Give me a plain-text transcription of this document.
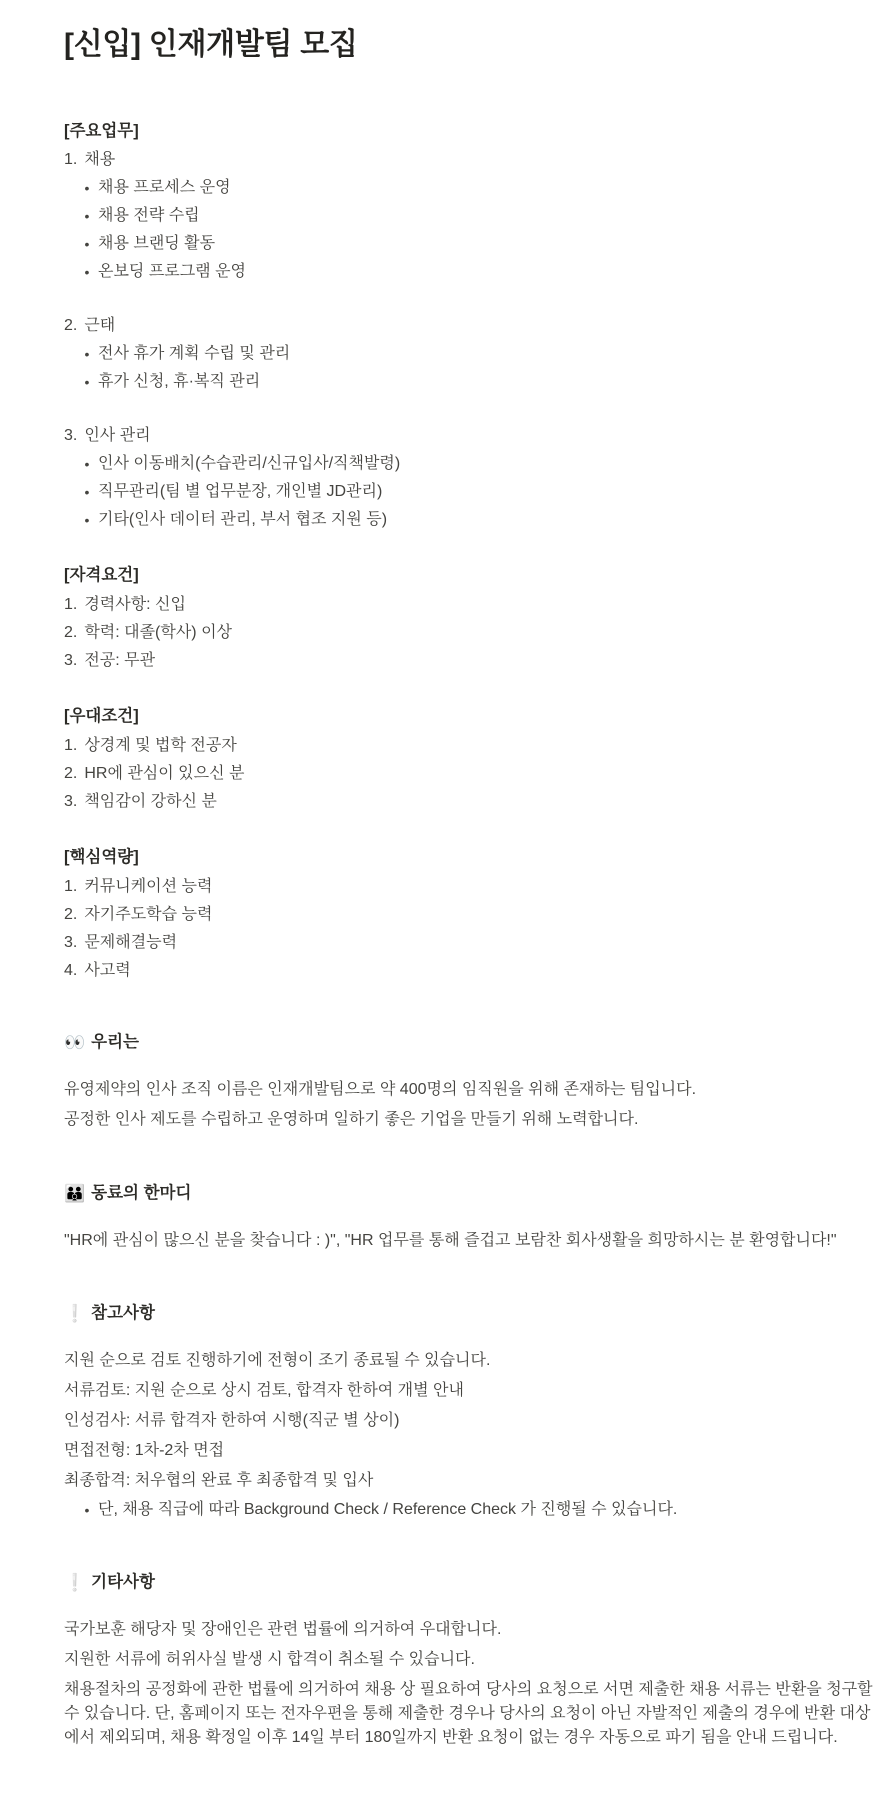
[신입] 인재개발팀 모집
[주요업무]
1. 채용
• 채용 프로세스 운영
• 채용 전략 수립
• 채용 브랜딩 활동
• 온보딩 프로그램 운영
2. 근태
• 전사 휴가 계획 수립 및 관리
• 휴가 신청, 휴·복직 관리
3. 인사 관리
• 인사 이동배치(수습관리/신규입사/직책발령)
• 직무관리(팀 별 업무분장, 개인별 JD관리)
• 기타(인사 데이터 관리, 부서 협조 지원 등)
[자격요건]
1. 경력사항: 신입
2. 학력: 대졸(학사) 이상
3. 전공: 무관
[우대조건]
1. 상경계 및 법학 전공자
2. HR에 관심이 있으신 분
3. 책임감이 강하신 분
[핵심역량]
1. 커뮤니케이션 능력
2. 자기주도학습 능력
3. 문제해결능력
4. 사고력
👀 우리는
유영제약의 인사 조직 이름은 인재개발팀으로 약 400명의 임직원을 위해 존재하는 팀입니다.
공정한 인사 제도를 수립하고 운영하며 일하기 좋은 기업을 만들기 위해 노력합니다.
👪 동료의 한마디
"HR에 관심이 많으신 분을 찾습니다 : )", "HR 업무를 통해 즐겁고 보람찬 회사생활을 희망하시는 분 환영합니다!"
❕ 참고사항
지원 순으로 검토 진행하기에 전형이 조기 종료될 수 있습니다.
서류검토: 지원 순으로 상시 검토, 합격자 한하여 개별 안내
인성검사: 서류 합격자 한하여 시행(직군 별 상이)
면접전형: 1차-2차 면접
최종합격: 처우협의 완료 후 최종합격 및 입사
• 단, 채용 직급에 따라 Background Check / Reference Check 가 진행될 수 있습니다.
❕ 기타사항
국가보훈 해당자 및 장애인은 관련 법률에 의거하여 우대합니다.
지원한 서류에 허위사실 발생 시 합격이 취소될 수 있습니다.
채용절차의 공정화에 관한 법률에 의거하여 채용 상 필요하여 당사의 요청으로 서면 제출한 채용 서류는 반환을 청구할 수 있습니다. 단, 홈페이지 또는 전자우편을 통해 제출한 경우나 당사의 요청이 아닌 자발적인 제출의 경우에 반환 대상에서 제외되며, 채용 확정일 이후 14일 부터 180일까지 반환 요청이 없는 경우 자동으로 파기 됨을 안내 드립니다.
